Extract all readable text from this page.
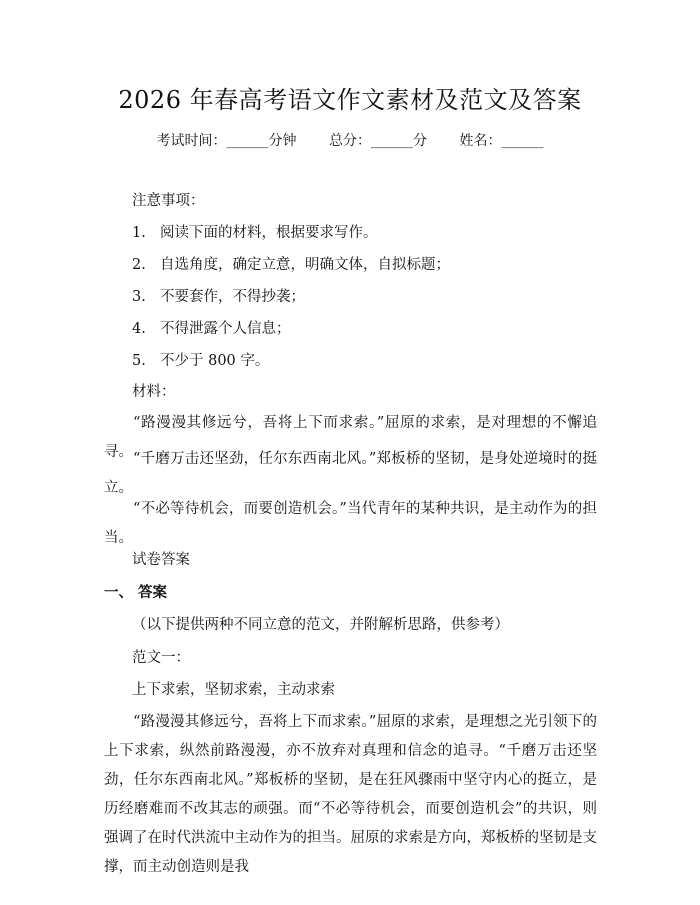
2026 年春高考语文作文素材及范文及答案
考试时间：______分钟 总分：______分 姓名：______
注意事项：
1. 阅读下面的材料，根据要求写作。
2. 自选角度，确定立意，明确文体，自拟标题；
3. 不要套作，不得抄袭；
4. 不得泄露个人信息；
5. 不少于 800 字。
材料：

“路漫漫其修远兮，吾将上下而求索。”屈原的求索，是对理想的不懈追寻。 “千磨万击还坚劲，任尔东西南北风。”郑板桥的坚韧，是身处逆境时的挺立。

“不必等待机会，而要创造机会。”当代青年的某种共识，是主动作为的担当。

试卷答案
一、 答案
（以下提供两种不同立意的范文，并附解析思路，供参考）
范文一：
上下求索，坚韧求索，主动求索

“路漫漫其修远兮，吾将上下而求索。”屈原的求索，是理想之光引领下的上下求索，纵然前路漫漫，亦不放弃对真理和信念的追寻。“千磨万击还坚劲，任尔东西南北风。”郑板桥的坚韧，是在狂风骤雨中坚守内心的挺立，是历经磨难而不改其志的顽强。而“不必等待机会，而要创造机会”的共识，则强调了在时代洪流中主动作为的担当。屈原的求索是方向，郑板桥的坚韧是支撑，而主动创造则是我
